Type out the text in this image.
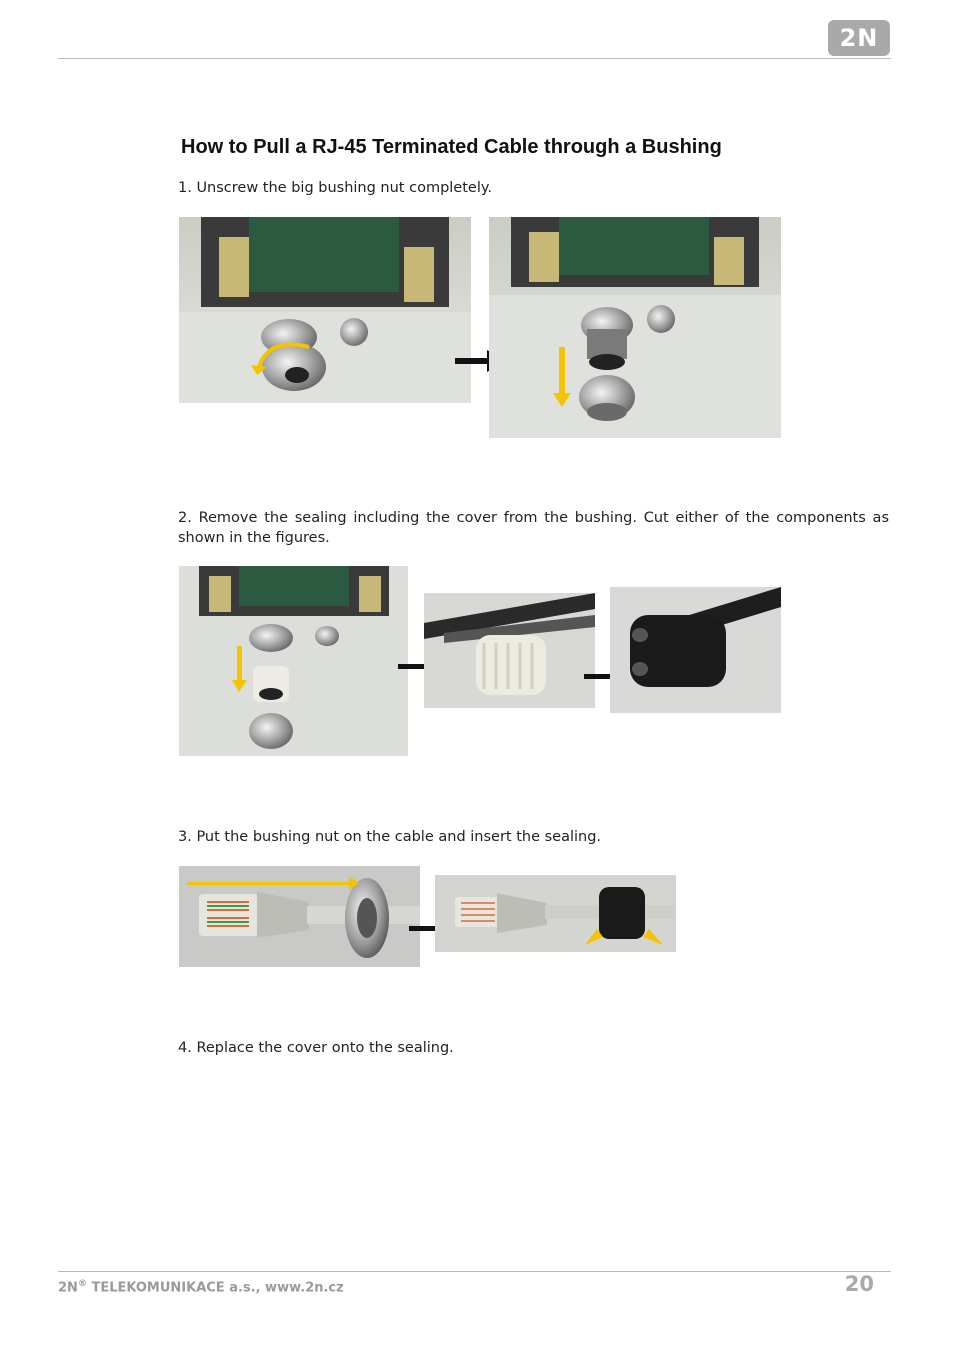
2N
How to Pull a RJ-45 Terminated Cable through a Bushing

1. Unscrew the big bushing nut completely.

2. Remove the sealing including the cover from the bushing. Cut either of the components as shown in the figures.

3. Put the bushing nut on the cable and insert the sealing.

4. Replace the cover onto the sealing.

2N® TELEKOMUNIKACE a.s., www.2n.cz	20
